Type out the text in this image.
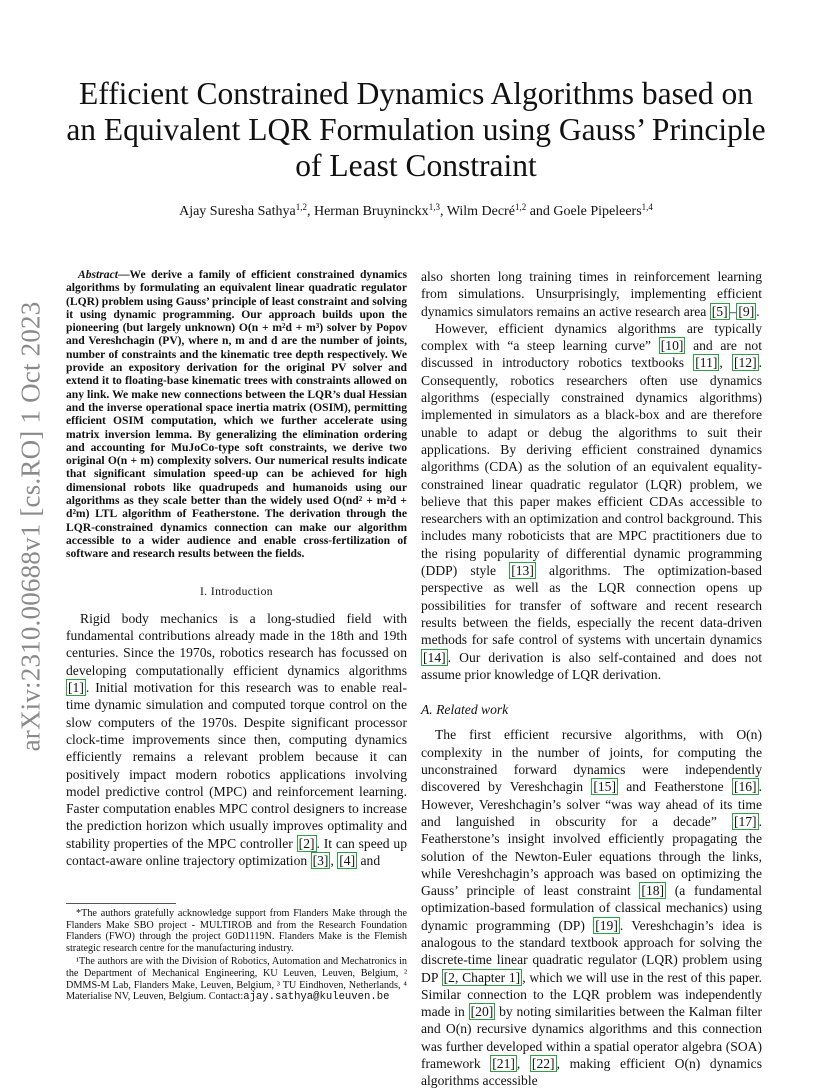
arXiv:2310.00688v1 [cs.RO] 1 Oct 2023
Efficient Constrained Dynamics Algorithms based on an Equivalent LQR Formulation using Gauss’ Principle of Least Constraint
Ajay Suresha Sathya$^{1,2}$, Herman Bruyninckx$^{1,3}$, Wilm Decré$^{1,2}$ and Goele Pipeleers$^{1,4}$

Abstract—We derive a family of efficient constrained dynamics algorithms by formulating an equivalent linear quadratic regulator (LQR) problem using Gauss’ principle of least constraint and solving it using dynamic programming. Our approach builds upon the pioneering (but largely unknown) O(n + m²d + m³) solver by Popov and Vereshchagin (PV), where n, m and d are the number of joints, number of constraints and the kinematic tree depth respectively. We provide an expository derivation for the original PV solver and extend it to floating-base kinematic trees with constraints allowed on any link. We make new connections between the LQR’s dual Hessian and the inverse operational space inertia matrix (OSIM), permitting efficient OSIM computation, which we further accelerate using matrix inversion lemma. By generalizing the elimination ordering and accounting for MuJoCo-type soft constraints, we derive two original O(n + m) complexity solvers. Our numerical results indicate that significant simulation speed-up can be achieved for high dimensional robots like quadrupeds and humanoids using our algorithms as they scale better than the widely used O(nd² + m²d + d²m) LTL algorithm of Featherstone. The derivation through the LQR-constrained dynamics connection can make our algorithm accessible to a wider audience and enable cross-fertilization of software and research results between the fields.

I. Introduction

Rigid body mechanics is a long-studied field with fundamental contributions already made in the 18th and 19th centuries. Since the 1970s, robotics research has focussed on developing computationally efficient dynamics algorithms [1] . Initial motivation for this research was to enable real-time dynamic simulation and computed torque control on the slow computers of the 1970s. Despite significant processor clock-time improvements since then, computing dynamics efficiently remains a relevant problem because it can positively impact modern robotics applications involving model predictive control (MPC) and reinforcement learning. Faster computation enables MPC control designers to increase the prediction horizon which usually improves optimality and stability properties of the MPC controller [2] . It can speed up contact-aware online trajectory optimization [3] , [4] and

*The authors gratefully acknowledge support from Flanders Make through the Flanders Make SBO project - MULTIROB and from the Research Foundation Flanders (FWO) through the project G0D1119N. Flanders Make is the Flemish strategic research centre for the manufacturing industry.

¹The authors are with the Division of Robotics, Automation and Mechatronics in the Department of Mechanical Engineering, KU Leuven, Leuven, Belgium, ² DMMS-M Lab, Flanders Make, Leuven, Belgium, ³ TU Eindhoven, Netherlands, ⁴ Materialise NV, Leuven, Belgium. Contact:ajay.sathya@kuleuven.be

also shorten long training times in reinforcement learning from simulations. Unsurprisingly, implementing efficient dynamics simulators remains an active research area [5] – [9] .

However, efficient dynamics algorithms are typically complex with “a steep learning curve” [10] and are not discussed in introductory robotics textbooks [11] , [12] . Consequently, robotics researchers often use dynamics algorithms (especially constrained dynamics algorithms) implemented in simulators as a black-box and are therefore unable to adapt or debug the algorithms to suit their applications. By deriving efficient constrained dynamics algorithms (CDA) as the solution of an equivalent equality-constrained linear quadratic regulator (LQR) problem, we believe that this paper makes efficient CDAs accessible to researchers with an optimization and control background. This includes many roboticists that are MPC practitioners due to the rising popularity of differential dynamic programming (DDP) style [13] algorithms. The optimization-based perspective as well as the LQR connection opens up possibilities for transfer of software and recent research results between the fields, especially the recent data-driven methods for safe control of systems with uncertain dynamics [14] . Our derivation is also self-contained and does not assume prior knowledge of LQR derivation.

A. Related work

The first efficient recursive algorithms, with O(n) complexity in the number of joints, for computing the unconstrained forward dynamics were independently discovered by Vereshchagin [15] and Featherstone [16] . However, Vereshchagin’s solver “was way ahead of its time and languished in obscurity for a decade” [17] . Featherstone’s insight involved efficiently propagating the solution of the Newton-Euler equations through the links, while Vereshchagin’s approach was based on optimizing the Gauss’ principle of least constraint [18] (a fundamental optimization-based formulation of classical mechanics) using dynamic programming (DP) [19] . Vereshchagin’s idea is analogous to the standard textbook approach for solving the discrete-time linear quadratic regulator (LQR) problem using DP [2, Chapter 1] , which we will use in the rest of this paper. Similar connection to the LQR problem was independently made in [20] by noting similarities between the Kalman filter and O(n) recursive dynamics algorithms and this connection was further developed within a spatial operator algebra (SOA) framework [21] , [22] , making efficient O(n) dynamics algorithms accessible
